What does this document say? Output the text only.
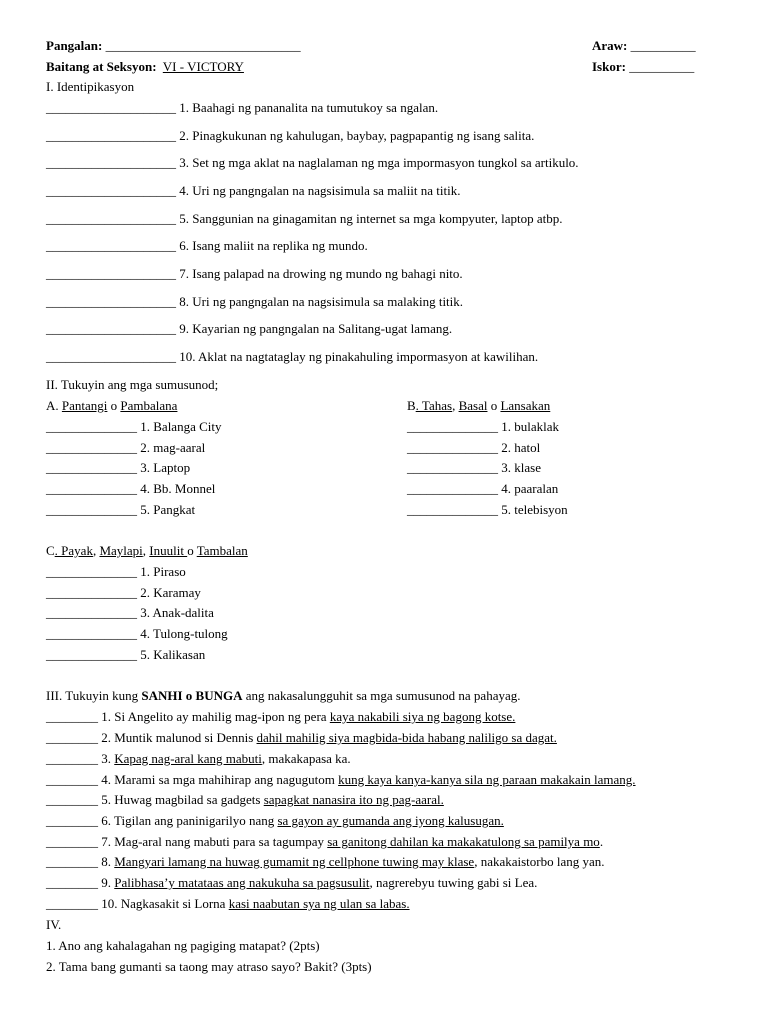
Pangalan: ______________________________	Araw: __________
Baitang at Seksyon: VI - VICTORY	Iskor: __________
I. Identipikasyon
____________________ 1. Baahagi ng pananalita na tumutukoy sa ngalan.
____________________ 2. Pinagkukunan ng kahulugan, baybay, pagpapantig ng isang salita.
____________________ 3. Set ng mga aklat na naglalaman ng mga impormasyon tungkol sa artikulo.
____________________ 4. Uri ng pangngalan na nagsisimula sa maliit na titik.
____________________ 5. Sanggunian na ginagamitan ng internet sa mga kompyuter, laptop atbp.
____________________ 6. Isang maliit na replika ng mundo.
____________________ 7. Isang palapad na drowing ng mundo ng bahagi nito.
____________________ 8. Uri ng pangngalan na nagsisimula sa malaking titik.
____________________ 9. Kayarian ng pangngalan na Salitang-ugat lamang.
____________________ 10. Aklat na nagtataglay ng pinakahuling impormasyon at kawilihan.
II. Tukuyin ang mga sumusunod;
A. Pantangi o Pambalana	B. Tahas, Basal o Lansakan
______________ 1. Balanga City
______________ 2. mag-aaral
______________ 3. Laptop
______________ 4. Bb. Monnel
______________ 5. Pangkat
______________ 1. bulaklak
______________ 2. hatol
______________ 3. klase
______________ 4. paaralan
______________ 5. telebisyon
C. Payak, Maylapi, Inuulit o Tambalan
______________ 1. Piraso
______________ 2. Karamay
______________ 3. Anak-dalita
______________ 4. Tulong-tulong
______________ 5. Kalikasan
III. Tukuyin kung SANHI o BUNGA ang nakasalungguhit sa mga sumusunod na pahayag.
________ 1. Si Angelito ay mahilig mag-ipon ng pera kaya nakabili siya ng bagong kotse.
________ 2. Muntik malunod si Dennis dahil mahilig siya magbida-bida habang naliligo sa dagat.
________ 3. Kapag nag-aral kang mabuti, makakapasa ka.
________ 4. Marami sa mga mahihirap ang nagugutom kung kaya kanya-kanya sila ng paraan makakain lamang.
________ 5. Huwag magbilad sa gadgets sapagkat nanasira ito ng pag-aaral.
________ 6. Tigilan ang paninigarilyo nang sa gayon ay gumanda ang iyong kalusugan.
________ 7. Mag-aral nang mabuti para sa tagumpay sa ganitong dahilan ka makakatulong sa pamilya mo.
________ 8. Mangyari lamang na huwag gumamit ng cellphone tuwing may klase, nakakaistorbo lang yan.
________ 9. Palibhasa’y matataas ang nakukuha sa pagsusulit, nagrerebyu tuwing gabi si Lea.
________ 10. Nagkasakit si Lorna kasi naabutan sya ng ulan sa labas.
IV.
1. Ano ang kahalagahan ng pagiging matapat? (2pts)
2. Tama bang gumanti sa taong may atraso sayo? Bakit? (3pts)
